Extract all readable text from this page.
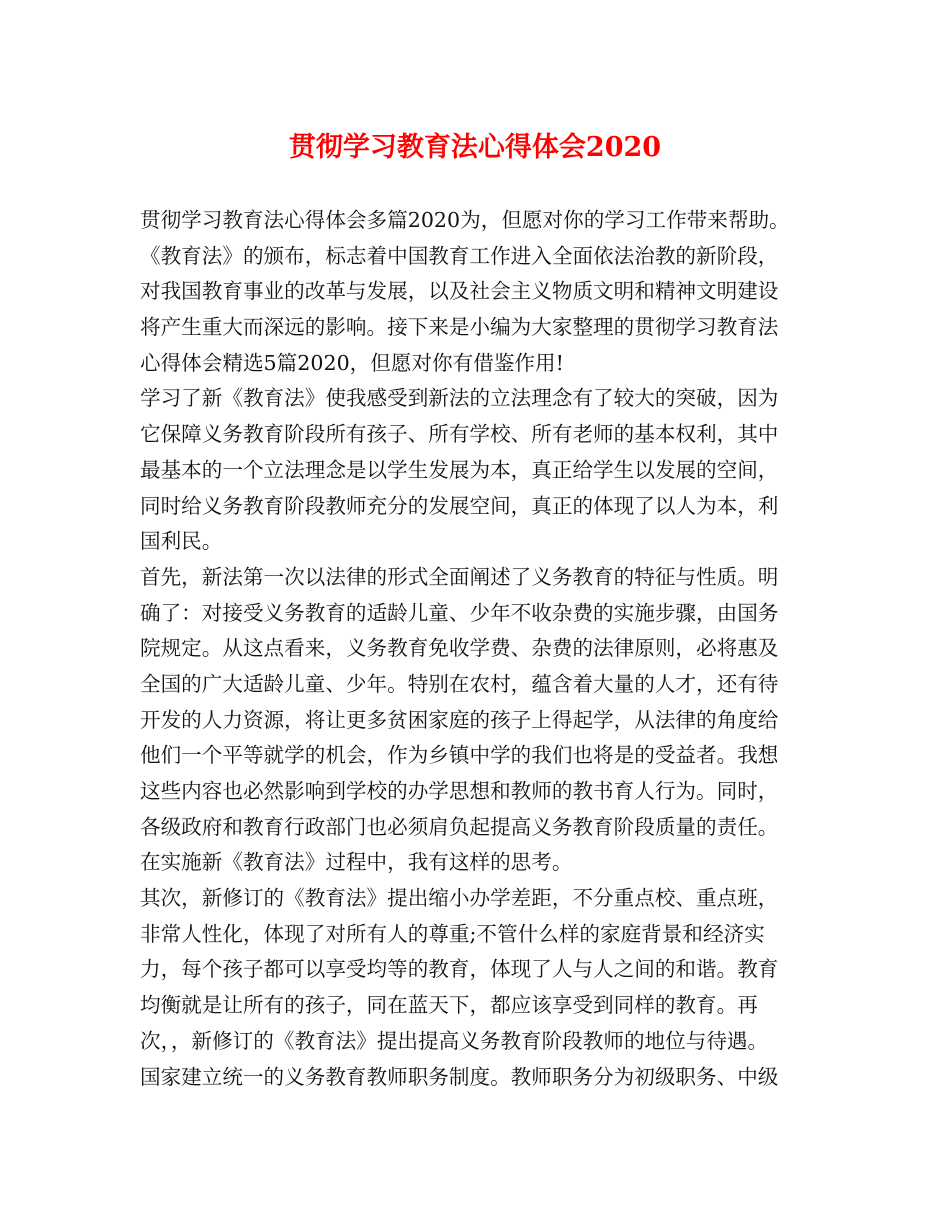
贯彻学习教育法心得体会2020
贯彻学习教育法心得体会多篇2020为，但愿对你的学习工作带来帮助。
《教育法》的颁布，标志着中国教育工作进入全面依法治教的新阶段，
对我国教育事业的改革与发展，以及社会主义物质文明和精神文明建设
将产生重大而深远的影响。接下来是小编为大家整理的贯彻学习教育法
心得体会精选5篇2020，但愿对你有借鉴作用!
学习了新《教育法》使我感受到新法的立法理念有了较大的突破，因为
它保障义务教育阶段所有孩子、所有学校、所有老师的基本权利，其中
最基本的一个立法理念是以学生发展为本，真正给学生以发展的空间，
同时给义务教育阶段教师充分的发展空间，真正的体现了以人为本，利
国利民。
首先，新法第一次以法律的形式全面阐述了义务教育的特征与性质。明
确了：对接受义务教育的适龄儿童、少年不收杂费的实施步骤，由国务
院规定。从这点看来，义务教育免收学费、杂费的法律原则，必将惠及
全国的广大适龄儿童、少年。特别在农村，蕴含着大量的人才，还有待
开发的人力资源，将让更多贫困家庭的孩子上得起学，从法律的角度给
他们一个平等就学的机会，作为乡镇中学的我们也将是的受益者。我想
这些内容也必然影响到学校的办学思想和教师的教书育人行为。同时，
各级政府和教育行政部门也必须肩负起提高义务教育阶段质量的责任。
在实施新《教育法》过程中，我有这样的思考。
其次，新修订的《教育法》提出缩小办学差距，不分重点校、重点班，
非常人性化，体现了对所有人的尊重;不管什么样的家庭背景和经济实
力，每个孩子都可以享受均等的教育，体现了人与人之间的和谐。教育
均衡就是让所有的孩子，同在蓝天下，都应该享受到同样的教育。再
次，，新修订的《教育法》提出提高义务教育阶段教师的地位与待遇。
国家建立统一的义务教育教师职务制度。教师职务分为初级职务、中级
